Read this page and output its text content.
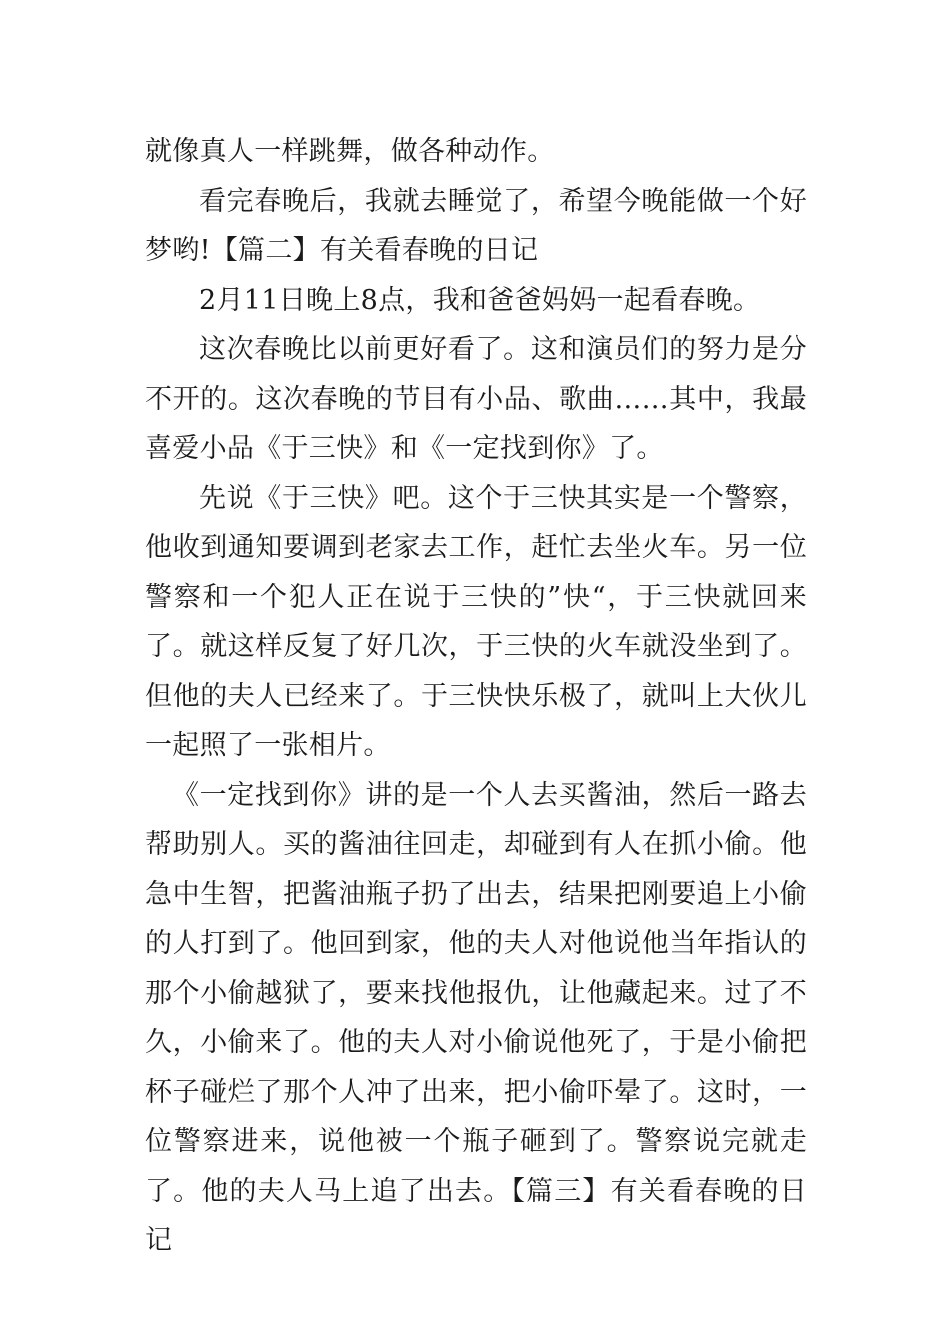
就像真人一样跳舞，做各种动作。

看完春晚后，我就去睡觉了，希望今晚能做一个好梦哟!【篇二】有关看春晚的日记

2月11日晚上8点，我和爸爸妈妈一起看春晚。

这次春晚比以前更好看了。这和演员们的努力是分不开的。这次春晚的节目有小品、歌曲……其中，我最喜爱小品《于三快》和《一定找到你》了。

先说《于三快》吧。这个于三快其实是一个警察，他收到通知要调到老家去工作，赶忙去坐火车。另一位警察和一个犯人正在说于三快的”快“，于三快就回来了。就这样反复了好几次，于三快的火车就没坐到了。但他的夫人已经来了。于三快快乐极了，就叫上大伙儿一起照了一张相片。

《一定找到你》讲的是一个人去买酱油，然后一路去帮助别人。买的酱油往回走，却碰到有人在抓小偷。他急中生智，把酱油瓶子扔了出去，结果把刚要追上小偷的人打到了。他回到家，他的夫人对他说他当年指认的那个小偷越狱了，要来找他报仇，让他藏起来。过了不久，小偷来了。他的夫人对小偷说他死了，于是小偷把杯子碰烂了那个人冲了出来，把小偷吓晕了。这时，一位警察进来，说他被一个瓶子砸到了。警察说完就走了。他的夫人马上追了出去。【篇三】有关看春晚的日记
